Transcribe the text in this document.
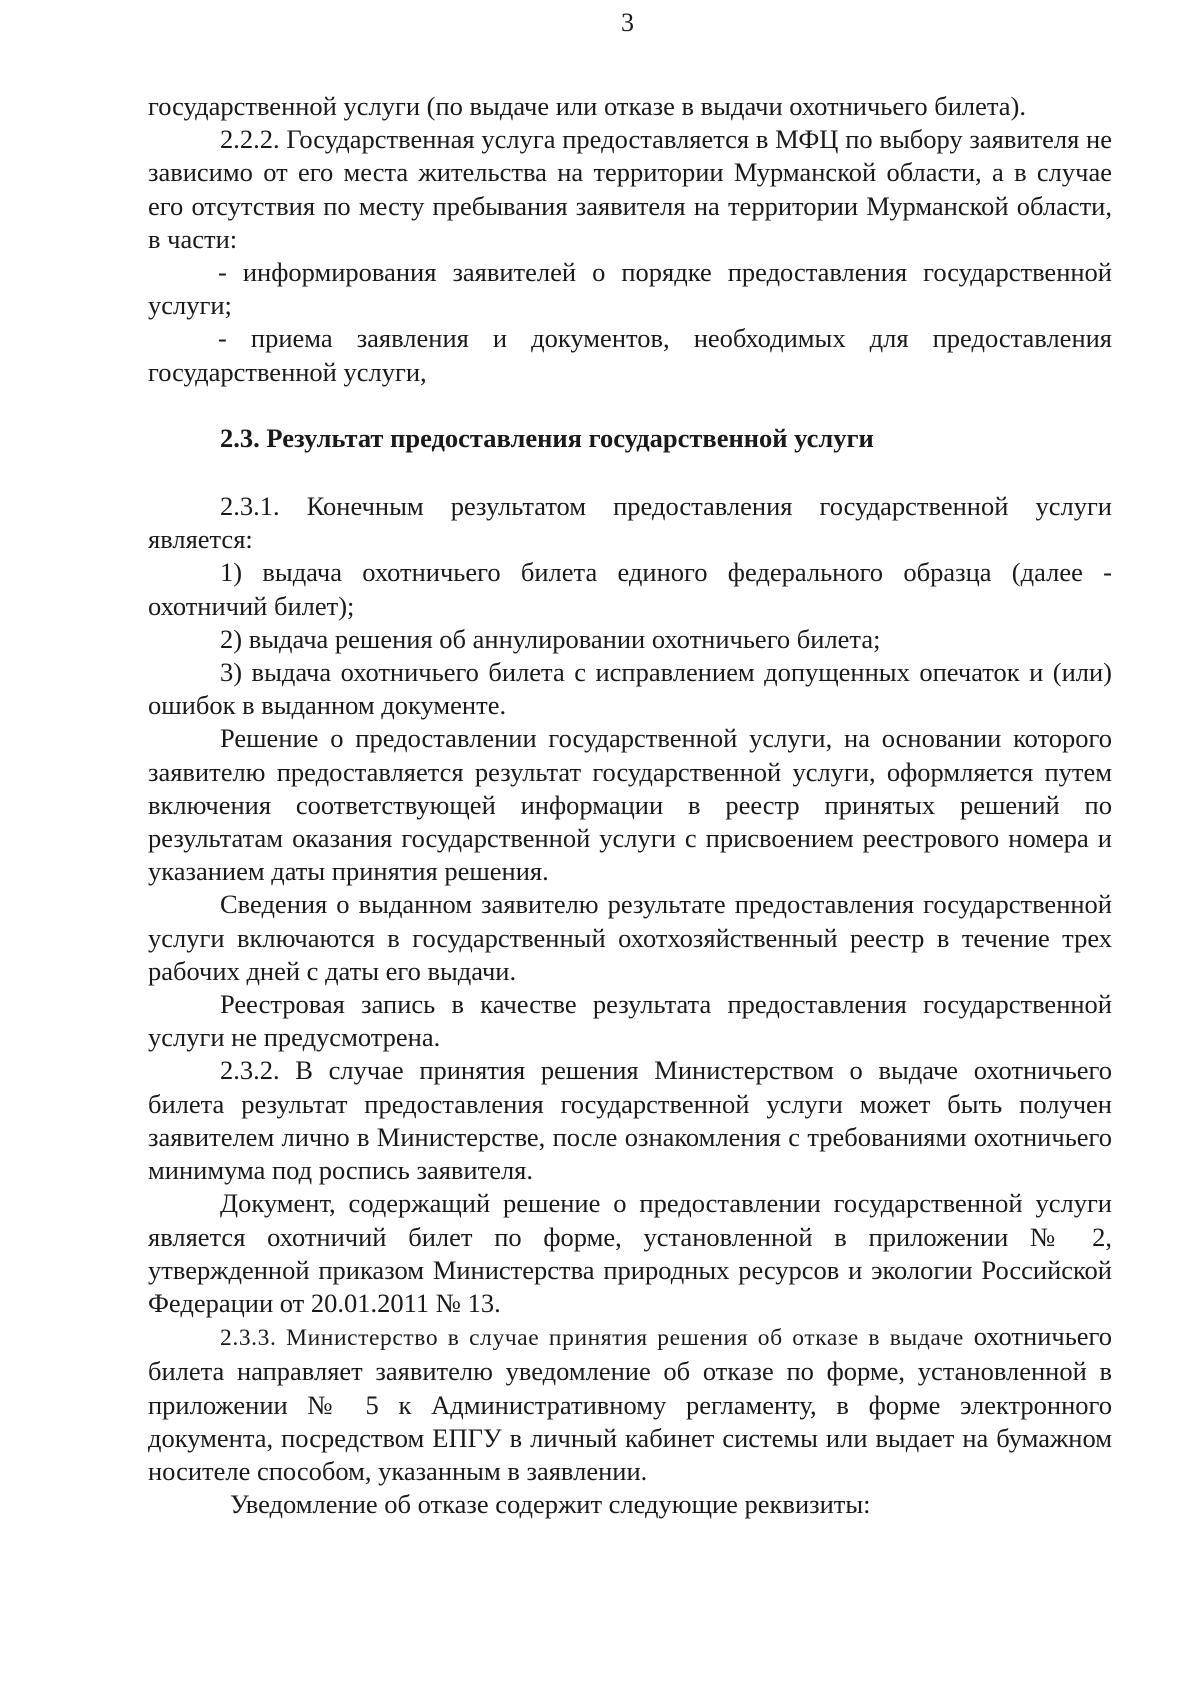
3

государственной услуги (по выдаче или отказе в выдачи охотничьего билета).

2.2.2. Государственная услуга предоставляется в МФЦ по выбору заявителя не зависимо от его места жительства на территории Мурманской области, а в случае его отсутствия по месту пребывания заявителя на территории Мурманской области, в части:

- информирования заявителей о порядке предоставления государственной услуги;

- приема заявления и документов, необходимых для предоставления государственной услуги,

2.3. Результат предоставления государственной услуги

2.3.1. Конечным результатом предоставления государственной услуги является:

1) выдача охотничьего билета единого федерального образца (далее - охотничий билет);

2) выдача решения об аннулировании охотничьего билета;

3) выдача охотничьего билета с исправлением допущенных опечаток и (или) ошибок в выданном документе.

Решение о предоставлении государственной услуги, на основании которого заявителю предоставляется результат государственной услуги, оформляется путем включения соответствующей информации в реестр принятых решений по результатам оказания государственной услуги с присвоением реестрового номера и указанием даты принятия решения.

Сведения о выданном заявителю результате предоставления государственной услуги включаются в государственный охотхозяйственный реестр в течение трех рабочих дней с даты его выдачи.

Реестровая запись в качестве результата предоставления государственной услуги не предусмотрена.

2.3.2. В случае принятия решения Министерством о выдаче охотничьего билета результат предоставления государственной услуги может быть получен заявителем лично в Министерстве, после ознакомления с требованиями охотничьего минимума под роспись заявителя.

Документ, содержащий решение о предоставлении государственной услуги является охотничий билет по форме, установленной в приложении № 2, утвержденной приказом Министерства природных ресурсов и экологии Российской Федерации от 20.01.2011 № 13.

2.3.3. Министерство в случае принятия решения об отказе в выдаче охотничьего билета направляет заявителю уведомление об отказе по форме, установленной в приложении № 5 к Административному регламенту, в форме электронного документа, посредством ЕПГУ в личный кабинет системы или выдает на бумажном носителе способом, указанным в заявлении.

Уведомление об отказе содержит следующие реквизиты:
